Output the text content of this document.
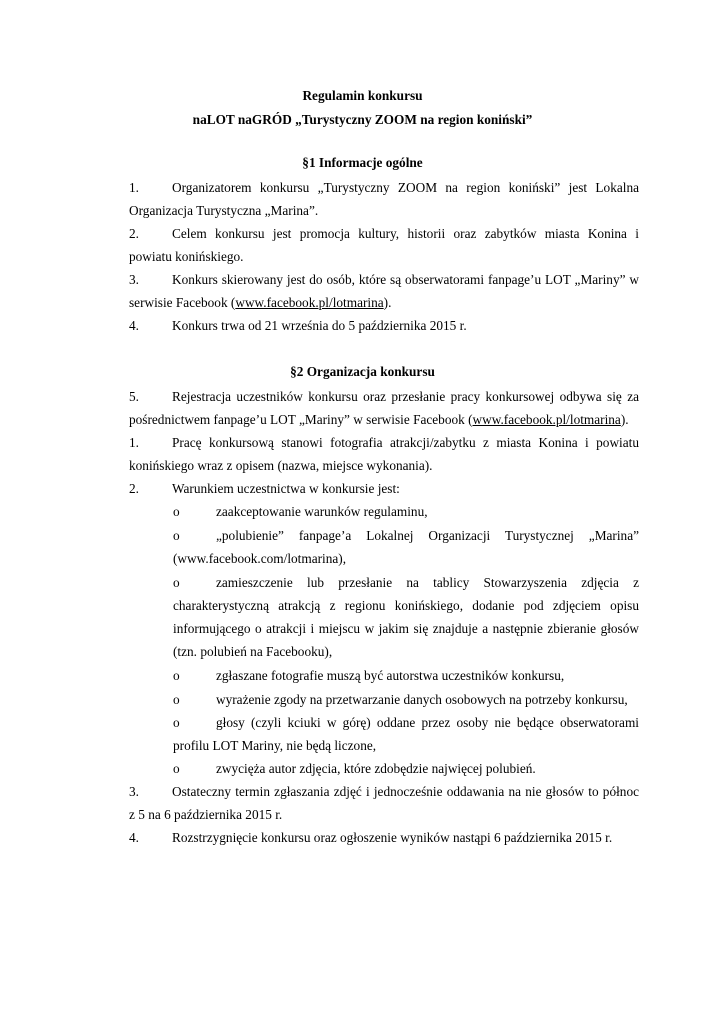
Regulamin konkursu
naLOT naGRÓD „Turystyczny ZOOM na region koniński”
§1 Informacje ogólne
1. Organizatorem konkursu „Turystyczny ZOOM na region koniński” jest Lokalna
Organizacja Turystyczna „Marina”.
2. Celem konkursu jest promocja kultury, historii oraz zabytków miasta Konina i
powiatu konińskiego.
3. Konkurs skierowany jest do osób, które są obserwatorami fanpage’u LOT „Mariny” w
serwisie Facebook (www.facebook.pl/lotmarina).
4. Konkurs trwa od 21 września do 5 października 2015 r.
§2 Organizacja konkursu
5. Rejestracja uczestników konkursu oraz przesłanie pracy konkursowej odbywa się za
pośrednictwem fanpage’u LOT „Mariny” w serwisie Facebook (www.facebook.pl/lotmarina).
1. Pracę konkursową stanowi fotografia atrakcji/zabytku z miasta Konina i powiatu
konińskiego wraz z opisem (nazwa, miejsce wykonania).
2. Warunkiem uczestnictwa w konkursie jest:
o	zaakceptowanie warunków regulaminu,
o	„polubienie” fanpage’a Lokalnej Organizacji Turystycznej „Marina”
(www.facebook.com/lotmarina),
o	zamieszczenie lub przesłanie na tablicy Stowarzyszenia zdjęcia z
charakterystyczną atrakcją z regionu konińskiego, dodanie pod zdjęciem opisu
informującego o atrakcji i miejscu w jakim się znajduje a następnie zbieranie głosów
(tzn. polubień na Facebooku),
o	zgłaszane fotografie muszą być autorstwa uczestników konkursu,
o	wyrażenie zgody na przetwarzanie danych osobowych na potrzeby konkursu,
o	głosy (czyli kciuki w górę) oddane przez osoby nie będące obserwatorami
profilu LOT Mariny, nie będą liczone,
o	zwycięża autor zdjęcia, które zdobędzie najwięcej polubień.
3. Ostateczny termin zgłaszania zdjęć i jednocześnie oddawania na nie głosów to północ
z 5 na 6 października 2015 r.
4. Rozstrzygnięcie konkursu oraz ogłoszenie wyników nastąpi 6 października 2015 r.
